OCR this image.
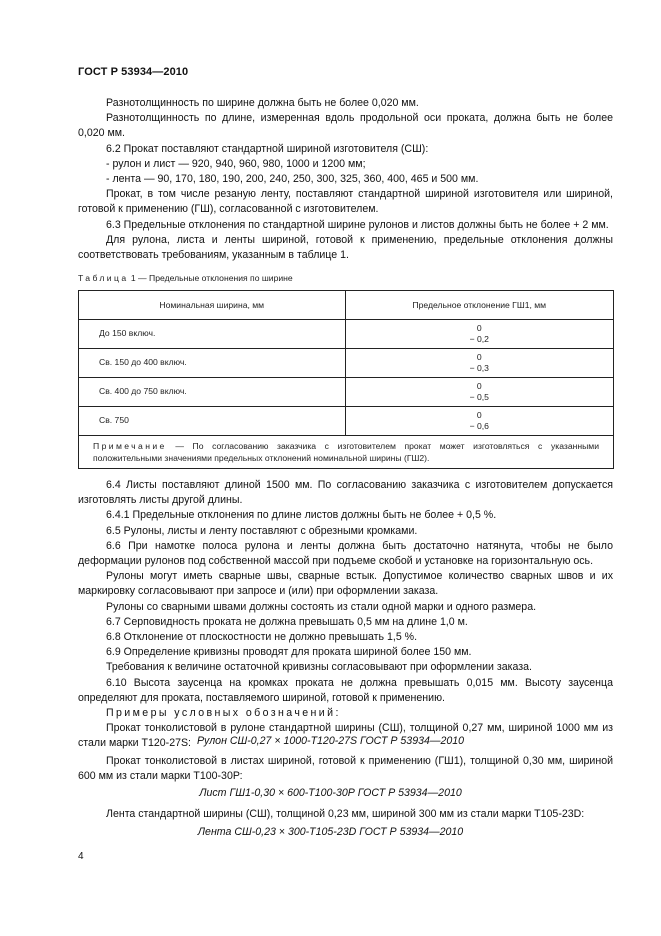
ГОСТ Р 53934—2010

Разнотолщинность по ширине должна быть не более 0,020 мм.

Разнотолщинность по длине, измеренная вдоль продольной оси проката, должна быть не более 0,020 мм.

6.2 Прокат поставляют стандартной шириной изготовителя (СШ):

- рулон и лист — 920, 940, 960, 980, 1000 и 1200 мм;

- лента — 90, 170, 180, 190, 200, 240, 250, 300, 325, 360, 400, 465 и 500 мм.

Прокат, в том числе резаную ленту, поставляют стандартной шириной изготовителя или шириной, готовой к применению (ГШ), согласованной с изготовителем.

6.3 Предельные отклонения по стандартной ширине рулонов и листов должны быть не более + 2 мм.

Для рулона, листа и ленты шириной, готовой к применению, предельные отклонения должны соответствовать требованиям, указанным в таблице 1.

Таблица 1 — Предельные отклонения по ширине
Номинальная ширина, мм	Предельное отклонение ГШ1, мм
До 150 включ.	0
− 0,2

Св. 150 до 400 включ.	0
− 0,3

Св. 400 до 750 включ.	0
− 0,5

Св. 750	0
− 0,6

Примечание — По согласованию заказчика с изготовителем прокат может изготовляться с указанными положительными значениями предельных отклонений номинальной ширины (ГШ2).	

6.4 Листы поставляют длиной 1500 мм. По согласованию заказчика с изготовителем допускается изготовлять листы другой длины.

6.4.1 Предельные отклонения по длине листов должны быть не более + 0,5 %.

6.5 Рулоны, листы и ленту поставляют с обрезными кромками.

6.6 При намотке полоса рулона и ленты должна быть достаточно натянута, чтобы не было деформации рулонов под собственной массой при подъеме скобой и установке на горизонтальную ось.

Рулоны могут иметь сварные швы, сварные встык. Допустимое количество сварных швов и их маркировку согласовывают при запросе и (или) при оформлении заказа.

Рулоны со сварными швами должны состоять из стали одной марки и одного размера.

6.7 Серповидность проката не должна превышать 0,5 мм на длине 1,0 м.

6.8 Отклонение от плоскостности не должно превышать 1,5 %.

6.9 Определение кривизны проводят для проката шириной более 150 мм.

Требования к величине остаточной кривизны согласовывают при оформлении заказа.

6.10 Высота заусенца на кромках проката не должна превышать 0,015 мм. Высоту заусенца определяют для проката, поставляемого шириной, готовой к применению.

Примеры условных обозначений:

Прокат тонколистовой в рулоне стандартной ширины (СШ), толщиной 0,27 мм, шириной 1000 мм из стали марки Т120-27S: Рулон СШ-0,27 × 1000-Т120-27S ГОСТ Р 53934—2010

Прокат тонколистовой в листах шириной, готовой к применению (ГШ1), толщиной 0,30 мм, шириной 600 мм из стали марки Т100-30Р:

Лист ГШ1-0,30 × 600-Т100-30Р ГОСТ Р 53934—2010

Лента стандартной ширины (СШ), толщиной 0,23 мм, шириной 300 мм из стали марки Т105-23D:

Лента СШ-0,23 × 300-Т105-23D ГОСТ Р 53934—2010
4
